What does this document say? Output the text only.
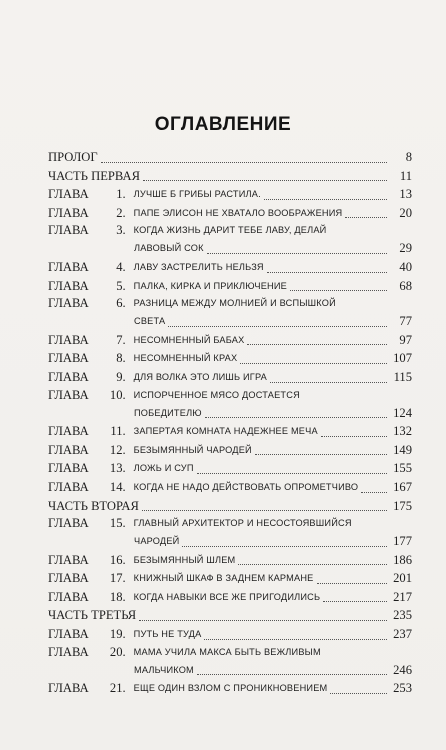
ОГЛАВЛЕНИЕ
ПРОЛОГ	8
ЧАСТЬ ПЕРВАЯ	11
ГЛАВА	1. ЛУЧШЕ Б ГРИБЫ РАСТИЛА.	13
ГЛАВА	2. ПАПЕ ЭЛИСОН НЕ ХВАТАЛО ВООБРАЖЕНИЯ	20
ГЛАВА	3. КОГДА ЖИЗНЬ ДАРИТ ТЕБЕ ЛАВУ, ДЕЛАЙ
ЛАВОВЫЙ СОК	29
ГЛАВА	4. ЛАВУ ЗАСТРЕЛИТЬ НЕЛЬЗЯ	40
ГЛАВА	5. ПАЛКА, КИРКА И ПРИКЛЮЧЕНИЕ	68
ГЛАВА	6. РАЗНИЦА МЕЖДУ МОЛНИЕЙ И ВСПЫШКОЙ
СВЕТА	77
ГЛАВА	7. НЕСОМНЕННЫЙ БАБАХ	97
ГЛАВА	8. НЕСОМНЕННЫЙ КРАХ	107
ГЛАВА	9. ДЛЯ ВОЛКА ЭТО ЛИШЬ ИГРА	115
ГЛАВА	10. ИСПОРЧЕННОЕ МЯСО ДОСТАЕТСЯ
ПОБЕДИТЕЛЮ	124
ГЛАВА	11. ЗАПЕРТАЯ КОМНАТА НАДЕЖНЕЕ МЕЧА	132
ГЛАВА	12. БЕЗЫМЯННЫЙ ЧАРОДЕЙ	149
ГЛАВА	13. ЛОЖЬ И СУП	155
ГЛАВА	14. КОГДА НЕ НАДО ДЕЙСТВОВАТЬ ОПРОМЕТЧИВО	167
ЧАСТЬ ВТОРАЯ	175
ГЛАВА	15. ГЛАВНЫЙ АРХИТЕКТОР И НЕСОСТОЯВШИЙСЯ
ЧАРОДЕЙ	177
ГЛАВА	16. БЕЗЫМЯННЫЙ ШЛЕМ	186
ГЛАВА	17. КНИЖНЫЙ ШКАФ В ЗАДНЕМ КАРМАНЕ	201
ГЛАВА	18. КОГДА НАВЫКИ ВСЕ ЖЕ ПРИГОДИЛИСЬ	217
ЧАСТЬ ТРЕТЬЯ	235
ГЛАВА	19. ПУТЬ НЕ ТУДА	237
ГЛАВА	20. МАМА УЧИЛА МАКСА БЫТЬ ВЕЖЛИВЫМ
МАЛЬЧИКОМ	246
ГЛАВА	21. ЕЩЕ ОДИН ВЗЛОМ С ПРОНИКНОВЕНИЕМ	253
